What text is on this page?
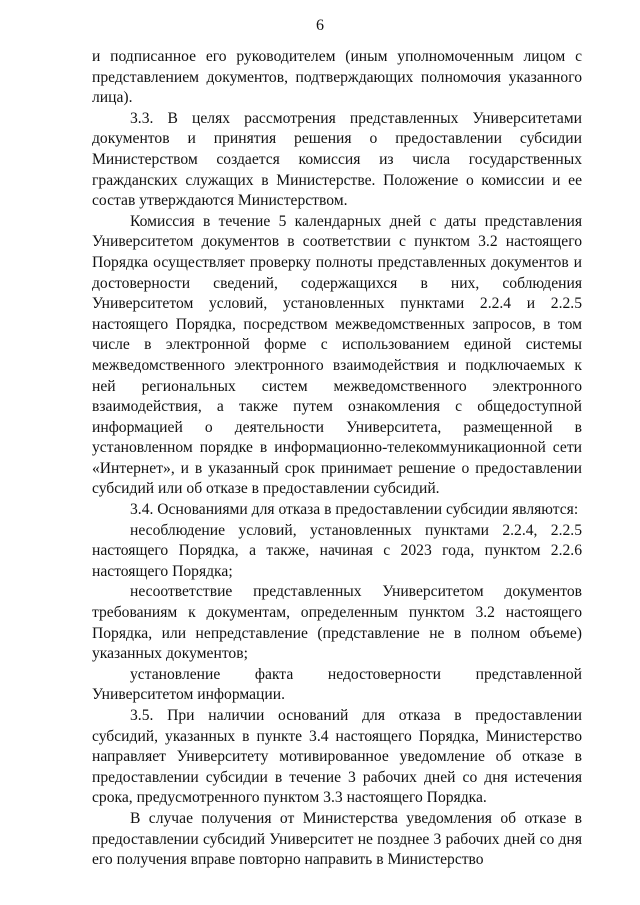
6

и подписанное его руководителем (иным уполномоченным лицом с представлением документов, подтверждающих полномочия указанного лица).

3.3. В целях рассмотрения представленных Университетами документов и принятия решения о предоставлении субсидии Министерством создается комиссия из числа государственных гражданских служащих в Министерстве. Положение о комиссии и ее состав утверждаются Министерством.

Комиссия в течение 5 календарных дней с даты представления Университетом документов в соответствии с пунктом 3.2 настоящего Порядка осуществляет проверку полноты представленных документов и достоверности сведений, содержащихся в них, соблюдения Университетом условий, установленных пунктами 2.2.4 и 2.2.5 настоящего Порядка, посредством межведомственных запросов, в том числе в электронной форме с использованием единой системы межведомственного электронного взаимодействия и подключаемых к ней региональных систем межведомственного электронного взаимодействия, а также путем ознакомления с общедоступной информацией о деятельности Университета, размещенной в установленном порядке в информационно-телекоммуникационной сети «Интернет», и в указанный срок принимает решение о предоставлении субсидий или об отказе в предоставлении субсидий.

3.4. Основаниями для отказа в предоставлении субсидии являются:

несоблюдение условий, установленных пунктами 2.2.4, 2.2.5 настоящего Порядка, а также, начиная с 2023 года, пунктом 2.2.6 настоящего Порядка;

несоответствие представленных Университетом документов требованиям к документам, определенным пунктом 3.2 настоящего Порядка, или непредставление (представление не в полном объеме) указанных документов;

установление факта недостоверности представленной Университетом информации.

3.5. При наличии оснований для отказа в предоставлении субсидий, указанных в пункте 3.4 настоящего Порядка, Министерство направляет Университету мотивированное уведомление об отказе в предоставлении субсидии в течение 3 рабочих дней со дня истечения срока, предусмотренного пунктом 3.3 настоящего Порядка.

В случае получения от Министерства уведомления об отказе в предоставлении субсидий Университет не позднее 3 рабочих дней со дня его получения вправе повторно направить в Министерство
